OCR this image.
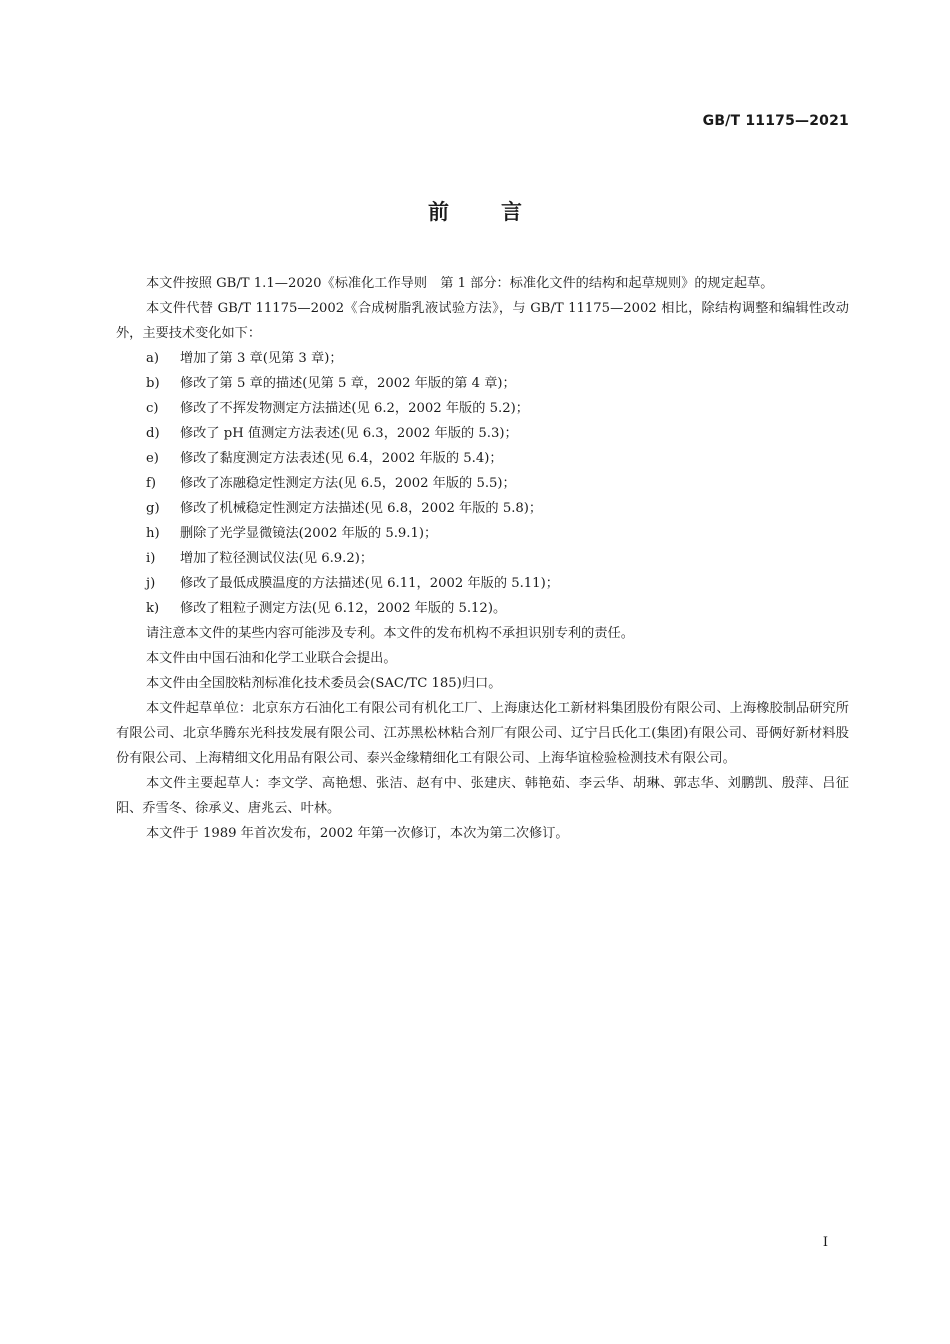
GB/T 11175—2021
前 言

本文件按照 GB/T 1.1—2020《标准化工作导则　第 1 部分：标准化文件的结构和起草规则》的规定起草。

本文件代替 GB/T 11175—2002《合成树脂乳液试验方法》，与 GB/T 11175—2002 相比，除结构调整和编辑性改动外，主要技术变化如下：

a) 增加了第 3 章(见第 3 章)；
b) 修改了第 5 章的描述(见第 5 章，2002 年版的第 4 章)；
c) 修改了不挥发物测定方法描述(见 6.2，2002 年版的 5.2)；
d) 修改了 pH 值测定方法表述(见 6.3，2002 年版的 5.3)；
e) 修改了黏度测定方法表述(见 6.4，2002 年版的 5.4)；
f) 修改了冻融稳定性测定方法(见 6.5，2002 年版的 5.5)；
g) 修改了机械稳定性测定方法描述(见 6.8，2002 年版的 5.8)；
h) 删除了光学显微镜法(2002 年版的 5.9.1)；
i) 增加了粒径测试仪法(见 6.9.2)；
j) 修改了最低成膜温度的方法描述(见 6.11，2002 年版的 5.11)；
k) 修改了粗粒子测定方法(见 6.12，2002 年版的 5.12)。

请注意本文件的某些内容可能涉及专利。本文件的发布机构不承担识别专利的责任。

本文件由中国石油和化学工业联合会提出。

本文件由全国胶粘剂标准化技术委员会(SAC/TC 185)归口。

本文件起草单位：北京东方石油化工有限公司有机化工厂、上海康达化工新材料集团股份有限公司、上海橡胶制品研究所有限公司、北京华腾东光科技发展有限公司、江苏黑松林粘合剂厂有限公司、辽宁吕氏化工(集团)有限公司、哥俩好新材料股份有限公司、上海精细文化用品有限公司、泰兴金缘精细化工有限公司、上海华谊检验检测技术有限公司。

本文件主要起草人：李文学、高艳想、张洁、赵有中、张建庆、韩艳茹、李云华、胡琳、郭志华、刘鹏凯、殷萍、吕征阳、乔雪冬、徐承义、唐兆云、叶林。

本文件于 1989 年首次发布，2002 年第一次修订，本次为第二次修订。

I
